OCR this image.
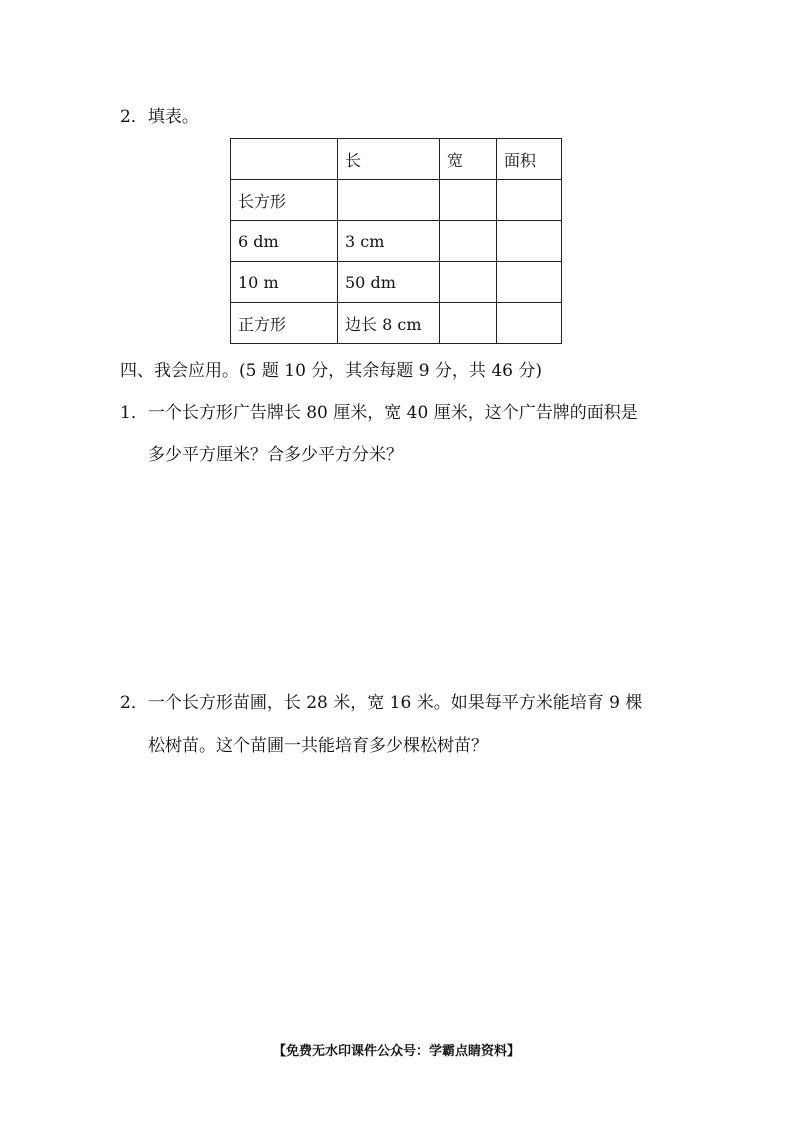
2．填表。
	长	宽	面积
长方形			
6 dm	3 cm		
10 m	50 dm		
正方形	边长 8 cm		
四、我会应用。(5 题 10 分，其余每题 9 分，共 46 分)
1．一个长方形广告牌长 80 厘米，宽 40 厘米，这个广告牌的面积是
多少平方厘米？合多少平方分米？
2．一个长方形苗圃，长 28 米，宽 16 米。如果每平方米能培育 9 棵
松树苗。这个苗圃一共能培育多少棵松树苗？
【免费无水印课件公众号：学霸点睛资料】
